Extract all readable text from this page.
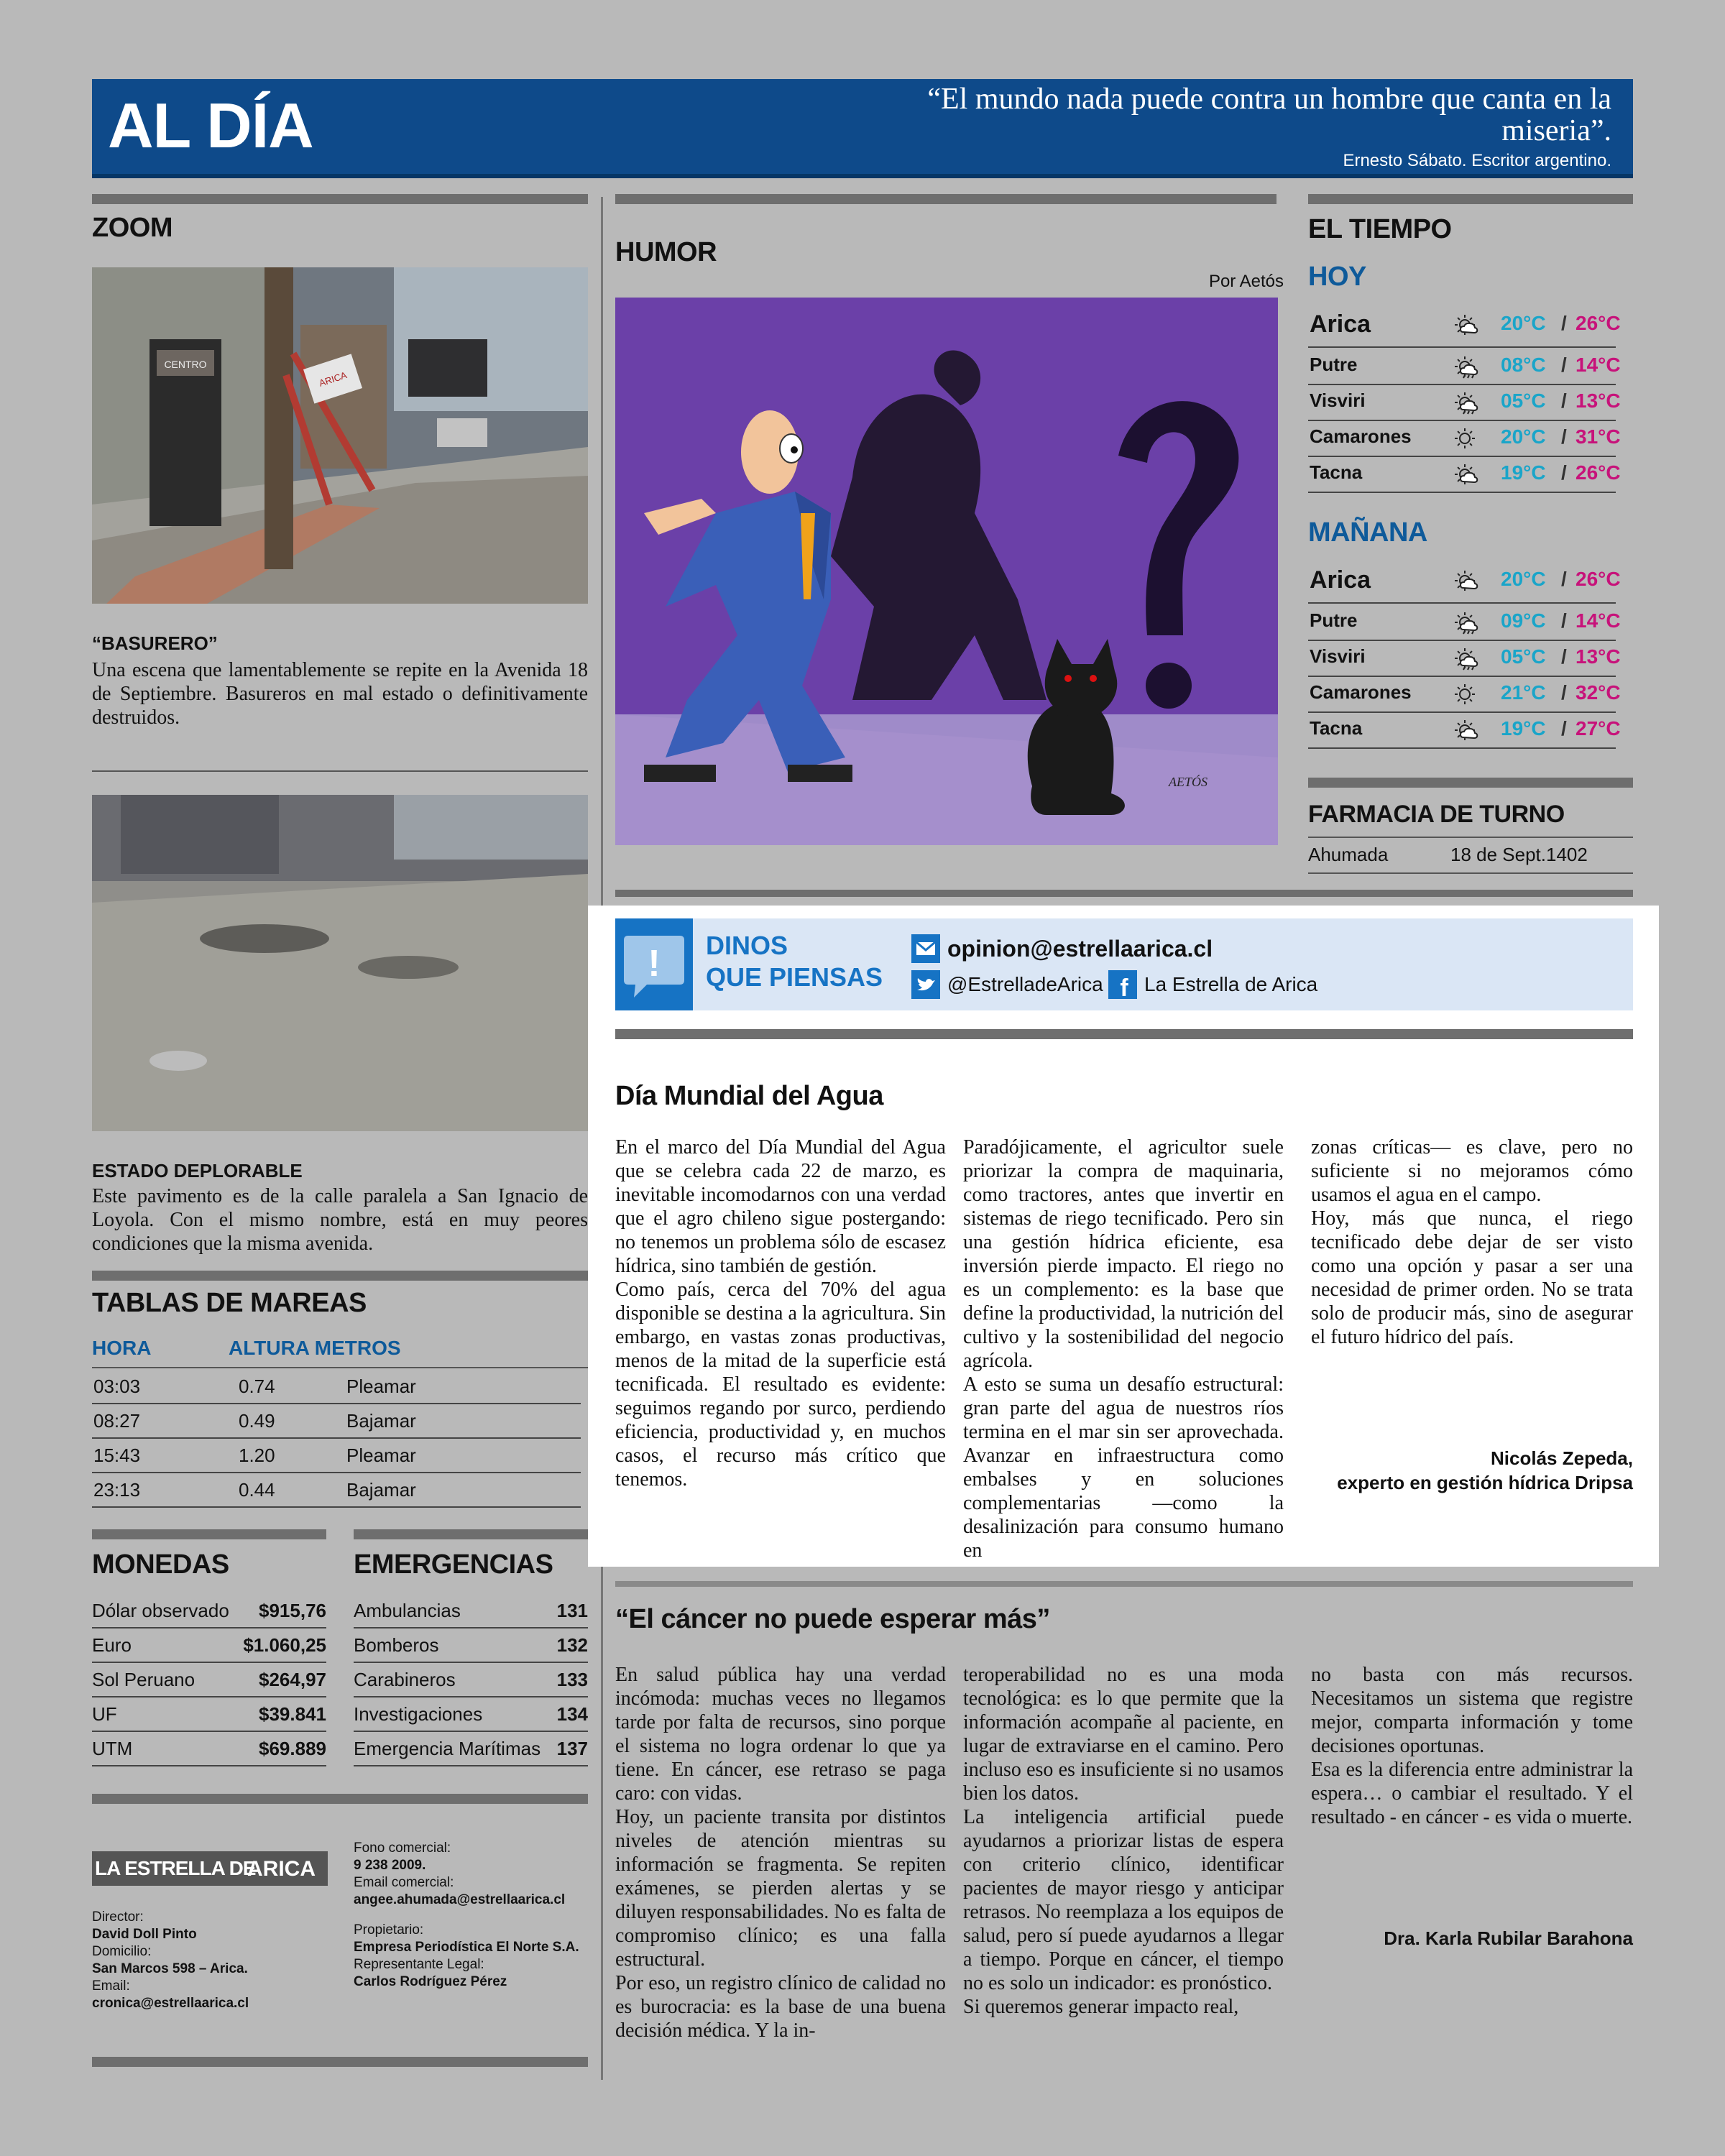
AL DÍA	“El mundo nada puede contra un hombre que canta en la miseria”.
Ernesto Sábato. Escritor argentino.
ZOOM
CENTRO
ARICA
“BASURERO”
Una escena que lamentablemente se repite en la Avenida 18 de Septiembre. Basureros en mal estado o definitivamente destruidos.
ESTADO DEPLORABLE
Este pavimento es de la calle paralela a San Ignacio de Loyola. Con el mismo nombre, está en muy peores condiciones que la misma avenida.
TABLAS DE MAREAS
HORA	ALTURA METROS
03:03	0.74	Pleamar
08:27	0.49	Bajamar
15:43	1.20	Pleamar
23:13	0.44	Bajamar
MONEDAS
Dólar observado $915,76
Euro	$1.060,25
Sol Peruano	$264,97
UF	$39.841
UTM	$69.889
EMERGENCIAS
Ambulancias	131
Bomberos	132
Carabineros	133
Investigaciones	134
Emergencia Marítimas 137
LA ESTRELLA DE
ARICA
Director:
David Doll Pinto
Domicilio:
San Marcos 598 – Arica.
Email:
cronica@estrellaarica.cl
Fono comercial:
9 238 2009.
Email comercial:
angee.ahumada@estrellaarica.cl
Propietario:
Empresa Periodística El Norte S.A.
Representante Legal:
Carlos Rodríguez Pérez
HUMOR
Por Aetós
AETÓS
EL TIEMPO
HOY
Arica	20°C / 26°C
Putre	08°C / 14°C
Visviri	05°C / 13°C
Camarones	20°C / 31°C
Tacna	19°C / 26°C
MAÑANA
Arica	20°C / 26°C
Putre	09°C / 14°C
Visviri	05°C / 13°C
Camarones	21°C / 32°C
Tacna	19°C / 27°C
FARMACIA DE TURNO
Ahumada	18 de Sept.1402
! DINOS
QUE PIENSAS
opinion@estrellaarica.cl
@EstrelladeArica f La Estrella de Arica
Día Mundial del Agua
En el marco del Día Mundial del Agua que se celebra cada 22 de marzo, es inevitable incomodarnos con una verdad que el agro chileno sigue postergando: no tenemos un problema sólo de escasez hídrica, sino también de gestión.
Como país, cerca del 70% del agua disponible se destina a la agricultura. Sin embargo, en vastas zonas productivas, menos de la mitad de la superficie está tecnificada. El resultado es evidente: seguimos regando por surco, perdiendo eficiencia, productividad y, en muchos casos, el recurso más crítico que tenemos.
Paradójicamente, el agricultor suele priorizar la compra de maquinaria, como tractores, antes que invertir en sistemas de riego tecnificado. Pero sin una gestión hídrica eficiente, esa inversión pierde impacto. El riego no es un complemento: es la base que define la productividad, la nutrición del cultivo y la sostenibilidad del negocio agrícola.
A esto se suma un desafío estructural: gran parte del agua de nuestros ríos termina en el mar sin ser aprovechada. Avanzar en infraestructura como embalses y en soluciones complementarias —como la desalinización para consumo humano en
zonas críticas— es clave, pero no suficiente si no mejoramos cómo usamos el agua en el campo.
Hoy, más que nunca, el riego tecnificado debe dejar de ser visto como una opción y pasar a ser una necesidad de primer orden. No se trata solo de producir más, sino de asegurar el futuro hídrico del país.
Nicolás Zepeda,
experto en gestión hídrica Dripsa
“El cáncer no puede esperar más”
En salud pública hay una verdad incómoda: muchas veces no llegamos tarde por falta de recursos, sino porque el sistema no logra ordenar lo que ya tiene. En cáncer, ese retraso se paga caro: con vidas.
Hoy, un paciente transita por distintos niveles de atención mientras su información se fragmenta. Se repiten exámenes, se pierden alertas y se diluyen responsabilidades. No es falta de compromiso clínico; es una falla estructural.
Por eso, un registro clínico de calidad no es burocracia: es la base de una buena decisión médica. Y la in-
teroperabilidad no es una moda tecnológica: es lo que permite que la información acompañe al paciente, en lugar de extraviarse en el camino. Pero incluso eso es insuficiente si no usamos bien los datos.
La inteligencia artificial puede ayudarnos a priorizar listas de espera con criterio clínico, identificar pacientes de mayor riesgo y anticipar retrasos. No reemplaza a los equipos de salud, pero sí puede ayudarnos a llegar a tiempo. Porque en cáncer, el tiempo no es solo un indicador: es pronóstico.
Si queremos generar impacto real,
no basta con más recursos. Necesitamos un sistema que registre mejor, comparta información y tome decisiones oportunas.
Esa es la diferencia entre administrar la espera… o cambiar el resultado. Y el resultado - en cáncer - es vida o muerte.
Dra. Karla Rubilar Barahona
